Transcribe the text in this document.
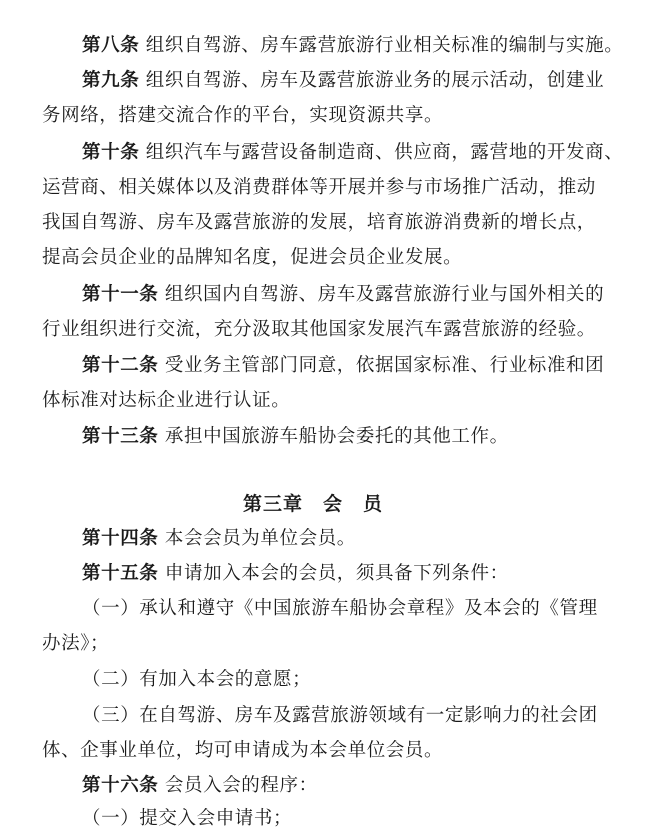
第八条 组织自驾游、房车露营旅游行业相关标准的编制与实施。
第九条 组织自驾游、房车及露营旅游业务的展示活动，创建业
务网络，搭建交流合作的平台，实现资源共享。
第十条 组织汽车与露营设备制造商、供应商，露营地的开发商、
运营商、相关媒体以及消费群体等开展并参与市场推广活动，推动
我国自驾游、房车及露营旅游的发展，培育旅游消费新的增长点，
提高会员企业的品牌知名度，促进会员企业发展。
第十一条 组织国内自驾游、房车及露营旅游行业与国外相关的
行业组织进行交流，充分汲取其他国家发展汽车露营旅游的经验。
第十二条 受业务主管部门同意，依据国家标准、行业标准和团
体标准对达标企业进行认证。
第十三条 承担中国旅游车船协会委托的其他工作。
第三章　会　员
第十四条 本会会员为单位会员。
第十五条 申请加入本会的会员，须具备下列条件：
（一）承认和遵守《中国旅游车船协会章程》及本会的《管理
办法》；
（二）有加入本会的意愿；
（三）在自驾游、房车及露营旅游领域有一定影响力的社会团
体、企事业单位，均可申请成为本会单位会员。
第十六条 会员入会的程序：
（一）提交入会申请书；
